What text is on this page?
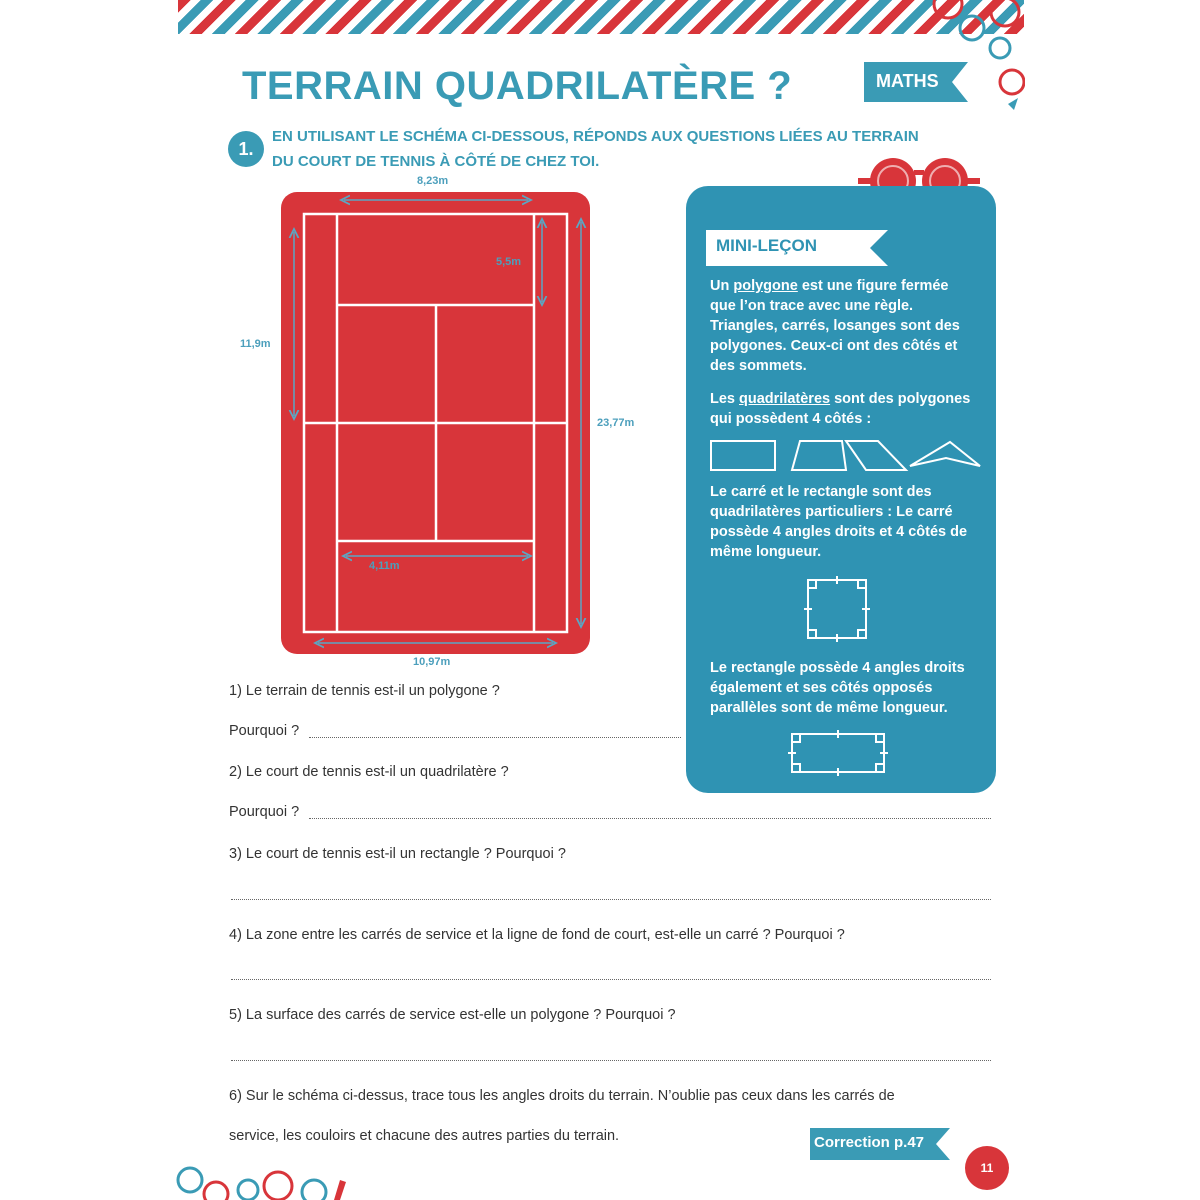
TERRAIN QUADRILATÈRE ?	MATHS
1.
EN UTILISANT LE SCHÉMA CI-DESSOUS, RÉPONDS AUX QUESTIONS LIÉES AU TERRAIN
DU COURT DE TENNIS À CÔTÉ DE CHEZ TOI.
8,23m
5,5m
11,9m
23,77m
4,11m
10,97m
MINI-LEÇON
Un polygone est une figure fermée
que l’on trace avec une règle.
Triangles, carrés, losanges sont des
polygones. Ceux-ci ont des côtés et
des sommets.
Les quadrilatères sont des polygones
qui possèdent 4 côtés :
Le carré et le rectangle sont des
quadrilatères particuliers : Le carré
possède 4 angles droits et 4 côtés de
même longueur.
Le rectangle possède 4 angles droits
également et ses côtés opposés
parallèles sont de même longueur.
1) Le terrain de tennis est-il un polygone ?
Pourquoi ?
2) Le court de tennis est-il un quadrilatère ?
Pourquoi ?
3) Le court de tennis est-il un rectangle ? Pourquoi ?
4) La zone entre les carrés de service et la ligne de fond de court, est-elle un carré ? Pourquoi ?
5) La surface des carrés de service est-elle un polygone ? Pourquoi ?
6) Sur le schéma ci-dessus, trace tous les angles droits du terrain. N’oublie pas ceux dans les carrés de
service, les couloirs et chacune des autres parties du terrain.	Correction p.47
11
